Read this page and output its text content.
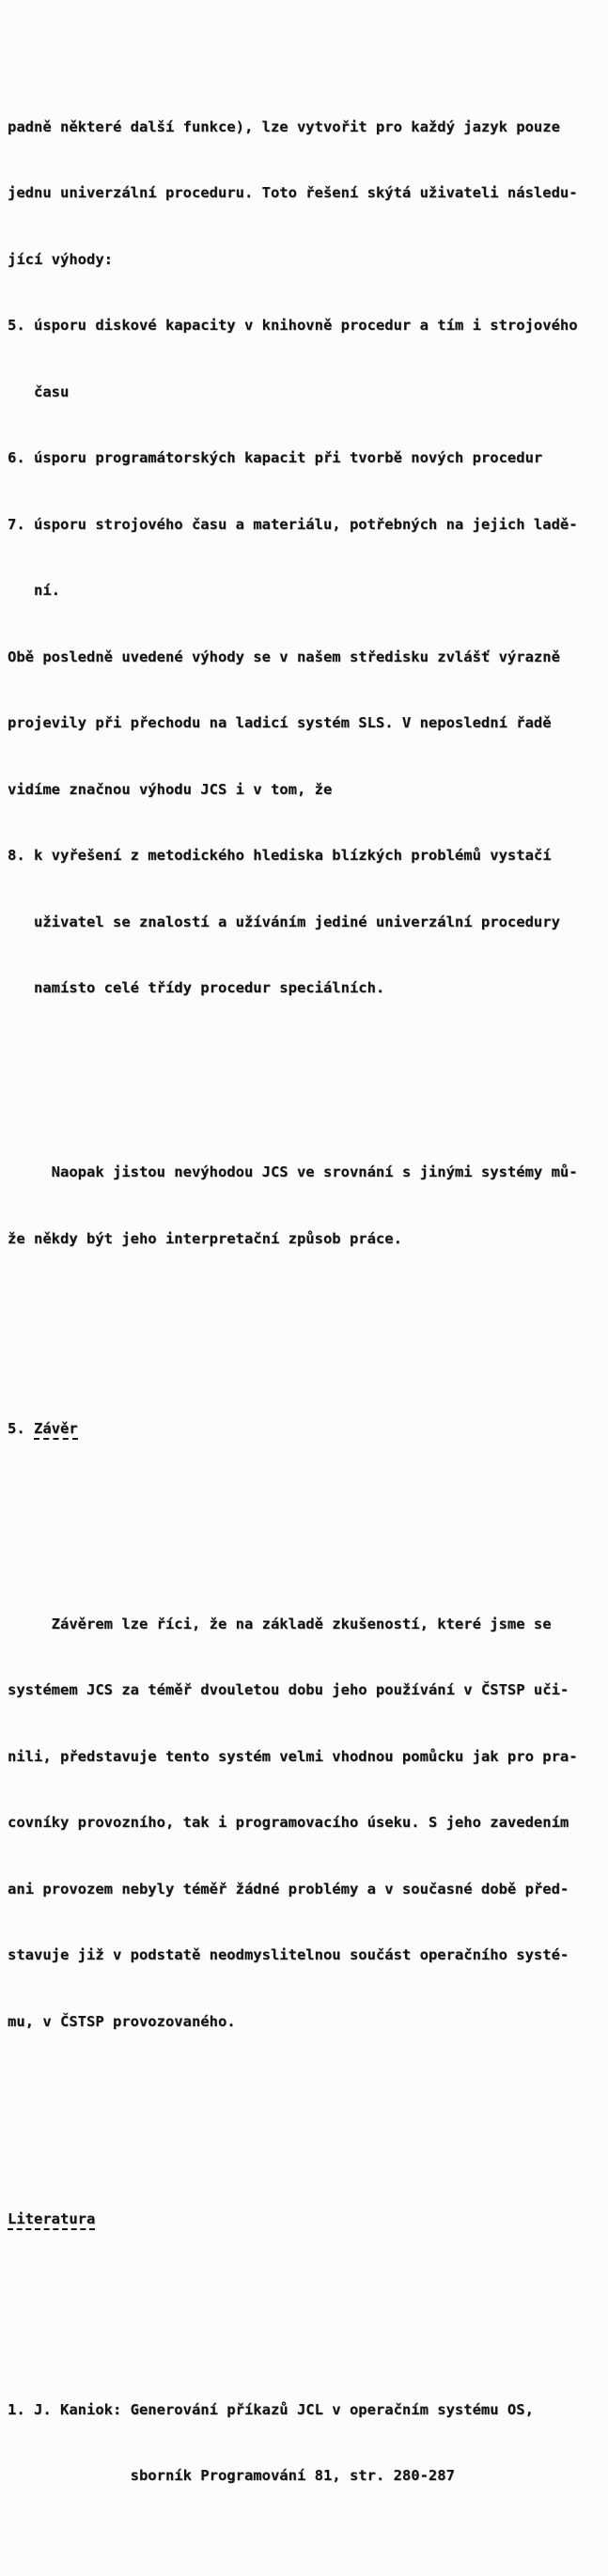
padně některé další funkce), lze vytvořit pro každý jazyk pouze

jednu univerzální proceduru. Toto řešení skýtá uživateli následu-

jící výhody:

5. úsporu diskové kapacity v knihovně procedur a tím i strojového

času

6. úsporu programátorských kapacit při tvorbě nových procedur

7. úsporu strojového času a materiálu, potřebných na jejich ladě-

ní.

Obě posledně uvedené výhody se v našem středisku zvlášť výrazně

projevily při přechodu na ladicí systém SLS. V neposlední řadě

vidíme značnou výhodu JCS i v tom, že

8. k vyřešení z metodického hlediska blízkých problémů vystačí

uživatel se znalostí a užíváním jediné univerzální procedury

namísto celé třídy procedur speciálních.

Naopak jistou nevýhodou JCS ve srovnání s jinými systémy mů-

že někdy být jeho interpretační způsob práce.

5. Závěr

Závěrem lze říci, že na základě zkušeností, které jsme se

systémem JCS za téměř dvouletou dobu jeho používání v ČSTSP uči-

nili, představuje tento systém velmi vhodnou pomůcku jak pro pra-

covníky provozního, tak i programovacího úseku. S jeho zavedením

ani provozem nebyly téměř žádné problémy a v současné době před-

stavuje již v podstatě neodmyslitelnou součást operačního systé-

mu, v ČSTSP provozovaného.

Literatura

1. J. Kaniok: Generování příkazů JCL v operačním systému OS,

sborník Programování 81, str. 280-287
